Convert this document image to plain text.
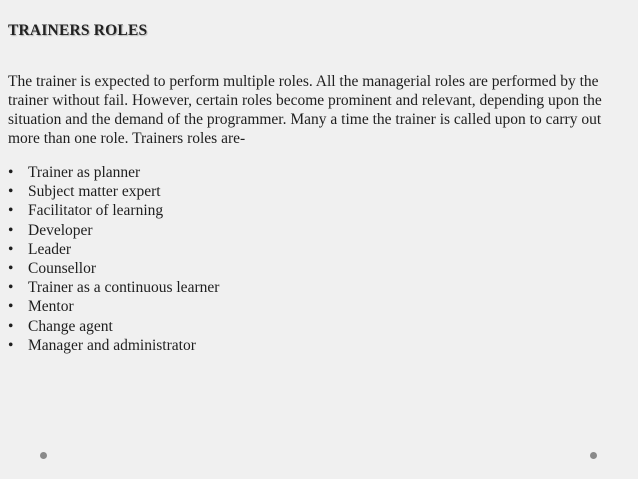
TRAINERS ROLES
The trainer is expected to perform multiple roles. All the managerial roles are performed by the trainer without fail. However, certain roles become prominent and relevant, depending upon the situation and the demand of the programmer. Many a time the trainer is called upon to carry out more than one role. Trainers roles are-
• Trainer as planner
• Subject matter expert
• Facilitator of learning
• Developer
• Leader
• Counsellor
• Trainer as a continuous learner
• Mentor
• Change agent
• Manager and administrator
